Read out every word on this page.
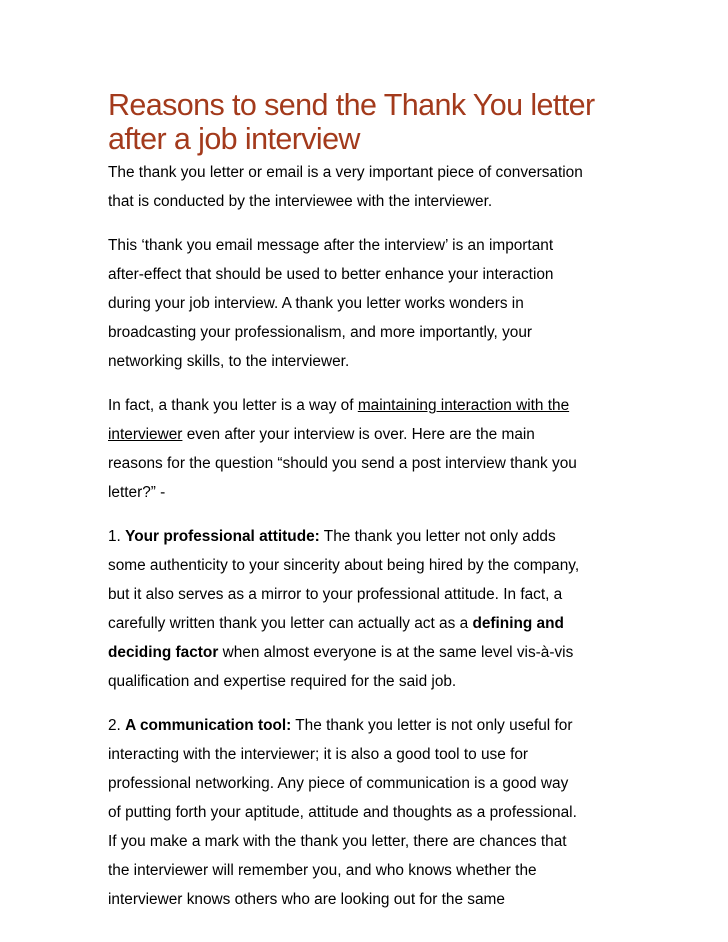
Reasons to send the Thank You letter
after a job interview

The thank you letter or email is a very important piece of conversation
that is conducted by the interviewee with the interviewer.

This ‘thank you email message after the interview’ is an important
after-effect that should be used to better enhance your interaction
during your job interview. A thank you letter works wonders in
broadcasting your professionalism, and more importantly, your
networking skills, to the interviewer.

In fact, a thank you letter is a way of maintaining interaction with the
interviewer even after your interview is over. Here are the main
reasons for the question “should you send a post interview thank you
letter?” -

1. Your professional attitude: The thank you letter not only adds
some authenticity to your sincerity about being hired by the company,
but it also serves as a mirror to your professional attitude. In fact, a
carefully written thank you letter can actually act as a defining and
deciding factor when almost everyone is at the same level vis-à-vis
qualification and expertise required for the said job.

2. A communication tool: The thank you letter is not only useful for
interacting with the interviewer; it is also a good tool to use for
professional networking. Any piece of communication is a good way
of putting forth your aptitude, attitude and thoughts as a professional.
If you make a mark with the thank you letter, there are chances that
the interviewer will remember you, and who knows whether the
interviewer knows others who are looking out for the same
